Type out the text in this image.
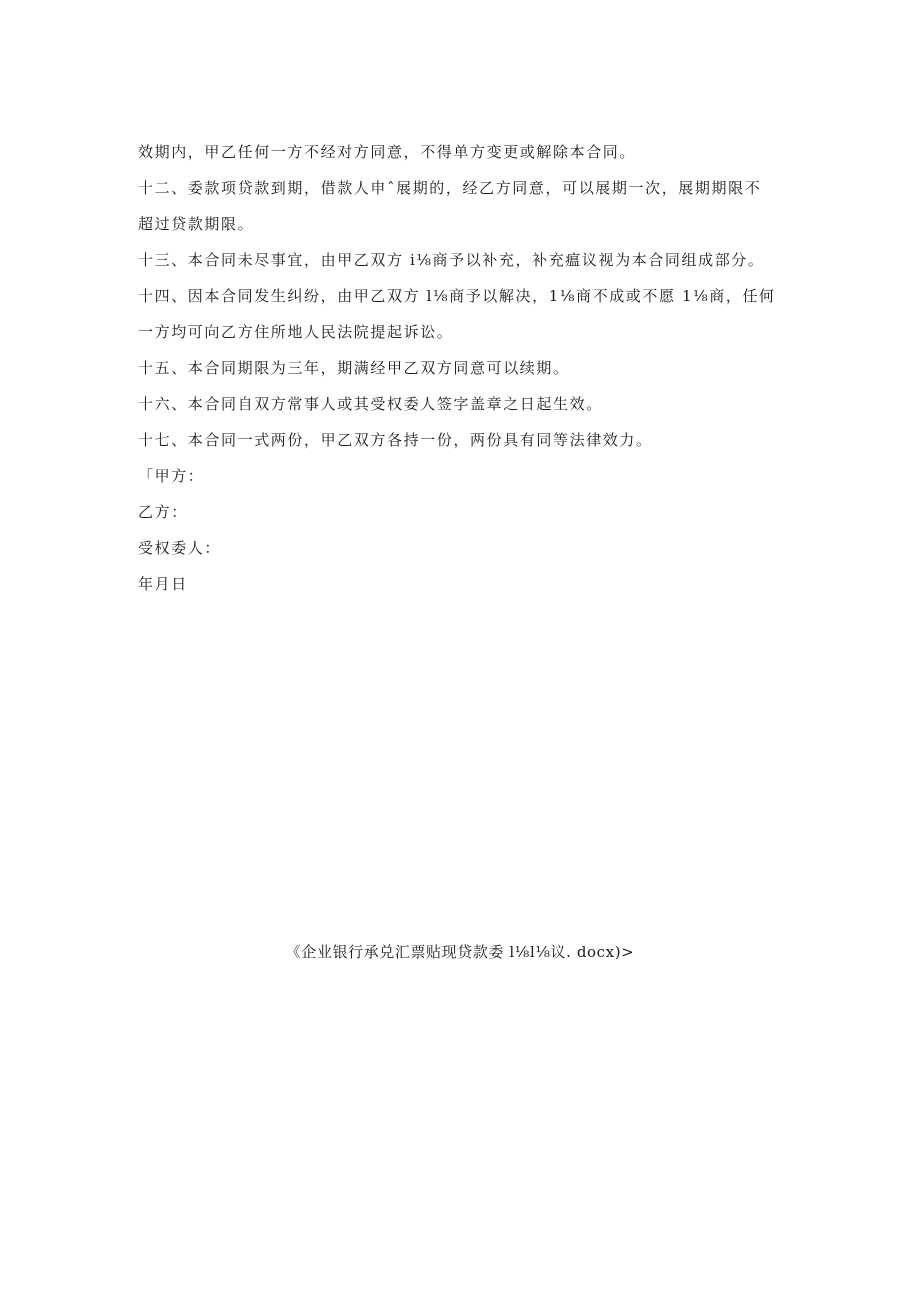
效期内，甲乙任何一方不经对方同意，不得单方变更或解除本合同。

十二、委款项贷款到期，借款人申ˆ展期的，经乙方同意，可以展期一次，展期期限不

超过贷款期限。

十三、本合同未尽事宜，由甲乙双方 i⅛商予以补充，补充瘟议视为本合同组成部分。

十四、因本合同发生纠纷，由甲乙双方 l⅛商予以解决，1⅛商不成或不愿 1⅛商，任何

一方均可向乙方住所地人民法院提起诉讼。

十五、本合同期限为三年，期满经甲乙双方同意可以续期。

十六、本合同自双方常事人或其受权委人签字盖章之日起生效。

十七、本合同一式两份，甲乙双方各持一份，两份具有同等法律效力。

「甲方：

乙方：

受权委人：

年月日

《企业银行承兑汇票贴现贷款委 l⅛l⅛议. docx)>
